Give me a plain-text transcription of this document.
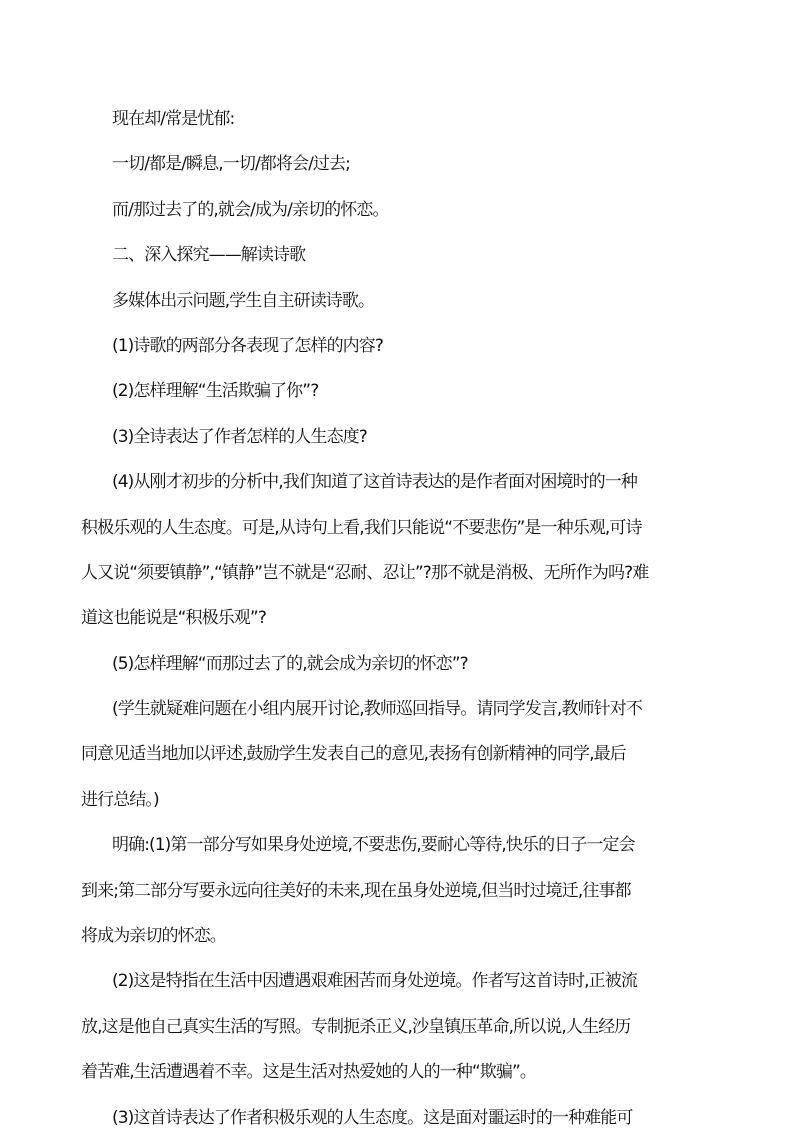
现在却/常是忧郁:
一切/都是/瞬息,一切/都将会/过去;
而/那过去了的,就会/成为/亲切的怀恋。
二、深入探究——解读诗歌
多媒体出示问题,学生自主研读诗歌。
(1)诗歌的两部分各表现了怎样的内容?
(2)怎样理解“生活欺骗了你”?
(3)全诗表达了作者怎样的人生态度?
(4)从刚才初步的分析中,我们知道了这首诗表达的是作者面对困境时的一种
积极乐观的人生态度。可是,从诗句上看,我们只能说“不要悲伤”是一种乐观,可诗
人又说“须要镇静”,“镇静”岂不就是“忍耐、忍让”?那不就是消极、无所作为吗?难
道这也能说是“积极乐观”?
(5)怎样理解“而那过去了的,就会成为亲切的怀恋”?
(学生就疑难问题在小组内展开讨论,教师巡回指导。请同学发言,教师针对不
同意见适当地加以评述,鼓励学生发表自己的意见,表扬有创新精神的同学,最后
进行总结。)
明确:(1)第一部分写如果身处逆境,不要悲伤,要耐心等待,快乐的日子一定会
到来;第二部分写要永远向往美好的未来,现在虽身处逆境,但当时过境迁,往事都
将成为亲切的怀恋。
(2)这是特指在生活中因遭遇艰难困苦而身处逆境。作者写这首诗时,正被流
放,这是他自己真实生活的写照。专制扼杀正义,沙皇镇压革命,所以说,人生经历
着苦难,生活遭遇着不幸。这是生活对热爱她的人的一种“欺骗”。
(3)这首诗表达了作者积极乐观的人生态度。这是面对噩运时的一种难能可
